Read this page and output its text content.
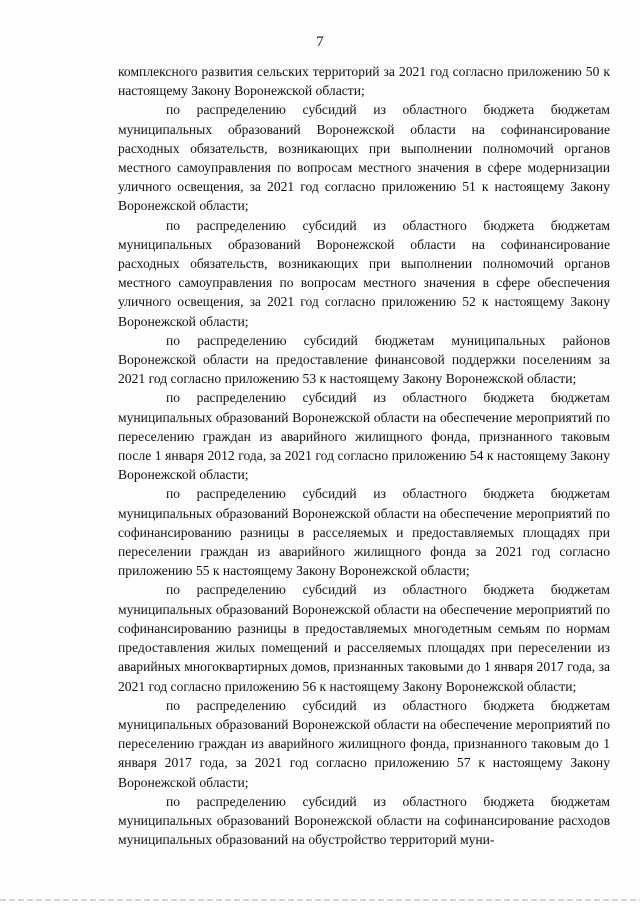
7

комплексного развития сельских территорий за 2021 год согласно приложению 50 к настоящему Закону Воронежской области;

по распределению субсидий из областного бюджета бюджетам муниципальных образований Воронежской области на софинансирование расходных обязательств, возникающих при выполнении полномочий органов местного самоуправления по вопросам местного значения в сфере модернизации уличного освещения, за 2021 год согласно приложению 51 к настоящему Закону Воронежской области;

по распределению субсидий из областного бюджета бюджетам муниципальных образований Воронежской области на софинансирование расходных обязательств, возникающих при выполнении полномочий органов местного самоуправления по вопросам местного значения в сфере обеспечения уличного освещения, за 2021 год согласно приложению 52 к настоящему Закону Воронежской области;

по распределению субсидий бюджетам муниципальных районов Воронежской области на предоставление финансовой поддержки поселениям за 2021 год согласно приложению 53 к настоящему Закону Воронежской области;

по распределению субсидий из областного бюджета бюджетам муниципальных образований Воронежской области на обеспечение мероприятий по переселению граждан из аварийного жилищного фонда, признанного таковым после 1 января 2012 года, за 2021 год согласно приложению 54 к настоящему Закону Воронежской области;

по распределению субсидий из областного бюджета бюджетам муниципальных образований Воронежской области на обеспечение мероприятий по софинансированию разницы в расселяемых и предоставляемых площадях при переселении граждан из аварийного жилищного фонда за 2021 год согласно приложению 55 к настоящему Закону Воронежской области;

по распределению субсидий из областного бюджета бюджетам муниципальных образований Воронежской области на обеспечение мероприятий по софинансированию разницы в предоставляемых многодетным семьям по нормам предоставления жилых помещений и расселяемых площадях при переселении из аварийных многоквартирных домов, признанных таковыми до 1 января 2017 года, за 2021 год согласно приложению 56 к настоящему Закону Воронежской области;

по распределению субсидий из областного бюджета бюджетам муниципальных образований Воронежской области на обеспечение мероприятий по переселению граждан из аварийного жилищного фонда, признанного таковым до 1 января 2017 года, за 2021 год согласно приложению 57 к настоящему Закону Воронежской области;

по распределению субсидий из областного бюджета бюджетам муниципальных образований Воронежской области на софинансирование расходов муниципальных образований на обустройство территорий муни-
